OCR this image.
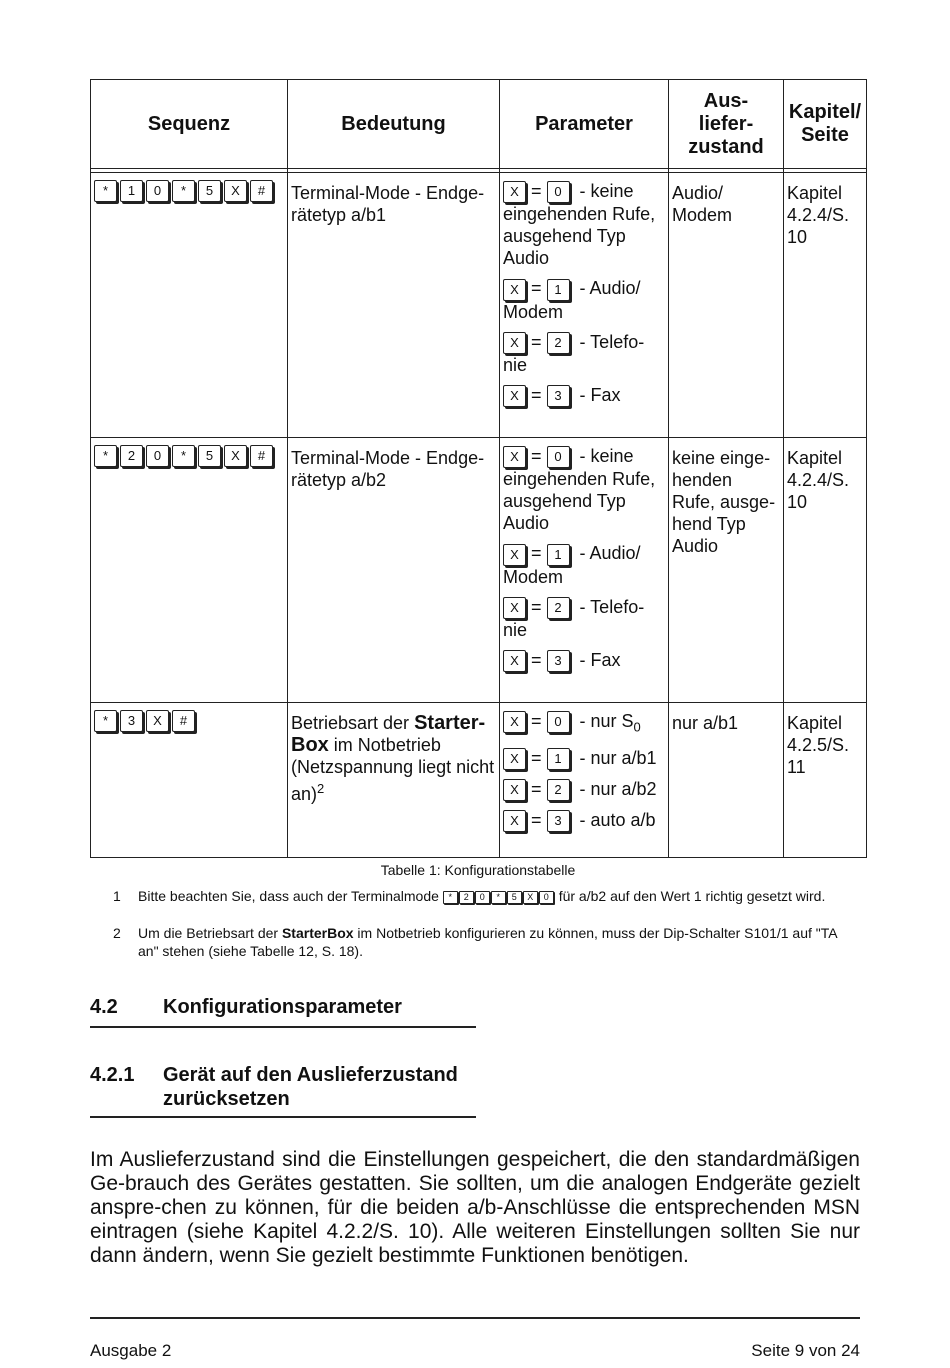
Sequenz	Bedeutung	Parameter	Aus-
liefer-
zustand	Kapitel/
Seite

* 1 0 * 5 X #	Terminal-Mode - Endge-rätetyp a/b1	X = 0 - keine eingehenden Rufe, ausgehend Typ Audio
X = 1 - Audio/ Modem
X = 2 - Telefo-nie
X = 3 - Fax	Audio/ Modem	Kapitel 4.2.4/S. 10
* 2 0 * 5 X #	Terminal-Mode - Endge-rätetyp a/b2	X = 0 - keine eingehenden Rufe, ausgehend Typ Audio
X = 1 - Audio/ Modem
X = 2 - Telefo-nie
X = 3 - Fax	keine einge-henden Rufe, ausge-hend Typ Audio	Kapitel 4.2.4/S. 10
* 3 X #	Betriebsart der Starter-Box im Notbetrieb (Netzspannung liegt nicht an)$^2$	X = 0 - nur $S_0$
X = 1 - nur a/b1
X = 2 - nur a/b2
X = 3 - auto a/b	nur a/b1	Kapitel 4.2.5/S. 11
Tabelle 1: Konfigurationstabelle
1 Bitte beachten Sie, dass auch der Terminalmode * 2 0 * 5 X 0 für a/b2 auf den Wert 1 richtig gesetzt wird.
2 Um die Betriebsart der StarterBox im Notbetrieb konfigurieren zu können, muss der Dip-Schalter S101/1 auf "TA an" stehen (siehe Tabelle 12, S. 18).
4.2 Konfigurationsparameter
4.2.1 Gerät auf den Auslieferzustand zurücksetzen
Im Auslieferzustand sind die Einstellungen gespeichert, die den standardmäßigen Ge-brauch des Gerätes gestatten. Sie sollten, um die analogen Endgeräte gezielt anspre-chen zu können, für die beiden a/b-Anschlüsse die entsprechenden MSN eintragen (siehe Kapitel 4.2.2/S. 10). Alle weiteren Einstellungen sollten Sie nur dann ändern, wenn Sie gezielt bestimmte Funktionen benötigen.
Ausgabe 2	Seite 9 von 24
